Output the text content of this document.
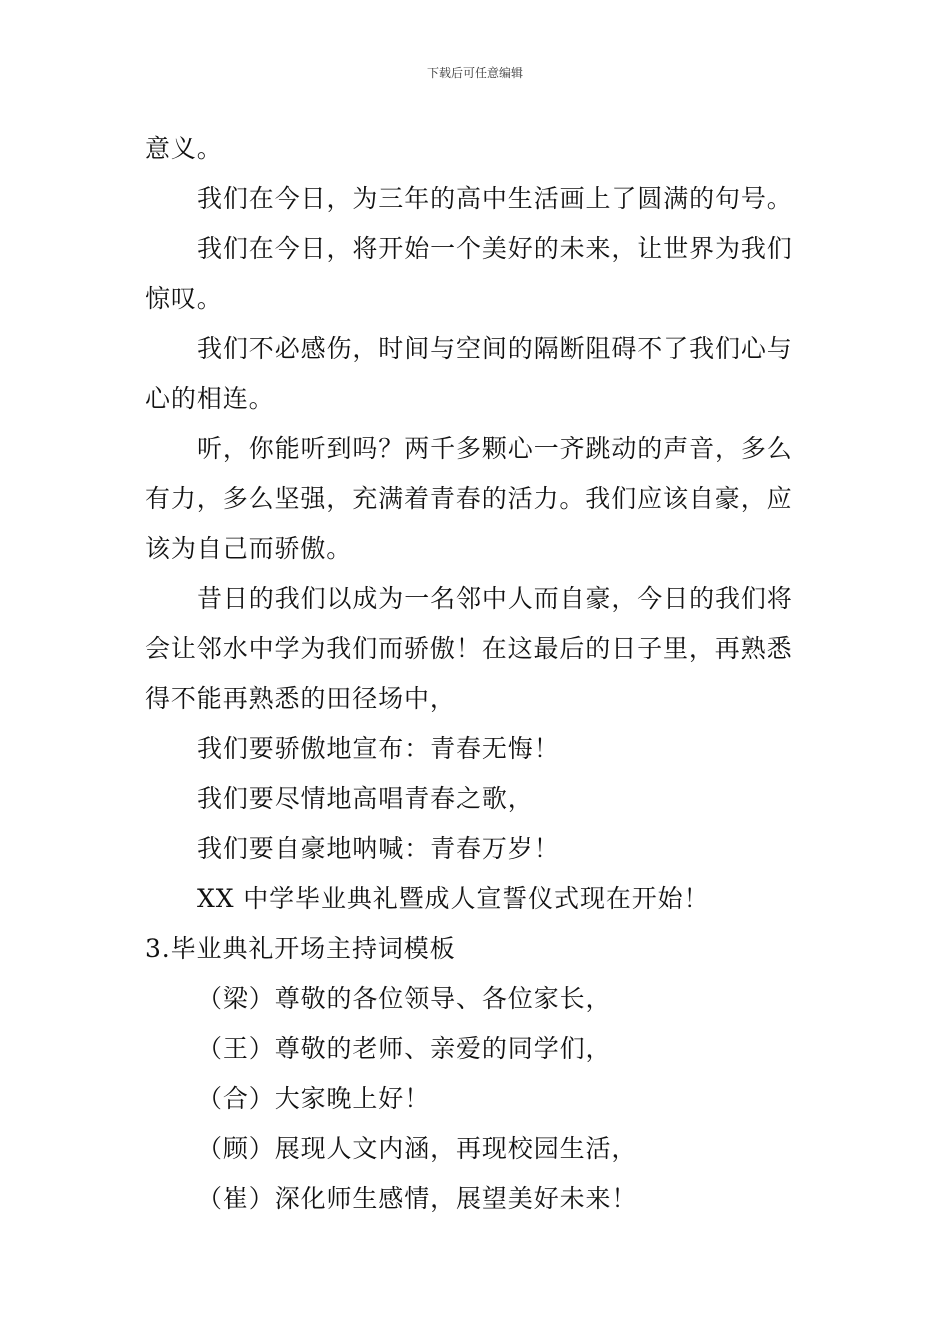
下载后可任意编辑

意义。

我们在今日，为三年的高中生活画上了圆满的句号。

我们在今日，将开始一个美好的未来，让世界为我们惊叹。

我们不必感伤，时间与空间的隔断阻碍不了我们心与心的相连。

听，你能听到吗？两千多颗心一齐跳动的声音，多么有力，多么坚强，充满着青春的活力。我们应该自豪，应该为自己而骄傲。

昔日的我们以成为一名邻中人而自豪，今日的我们将会让邻水中学为我们而骄傲！在这最后的日子里，再熟悉得不能再熟悉的田径场中，

我们要骄傲地宣布：青春无悔！

我们要尽情地高唱青春之歌，

我们要自豪地呐喊：青春万岁！

XX 中学毕业典礼暨成人宣誓仪式现在开始！

3.毕业典礼开场主持词模板

（梁）尊敬的各位领导、各位家长，

（王）尊敬的老师、亲爱的同学们，

（合）大家晚上好！

（顾）展现人文内涵，再现校园生活，

（崔）深化师生感情，展望美好未来！
